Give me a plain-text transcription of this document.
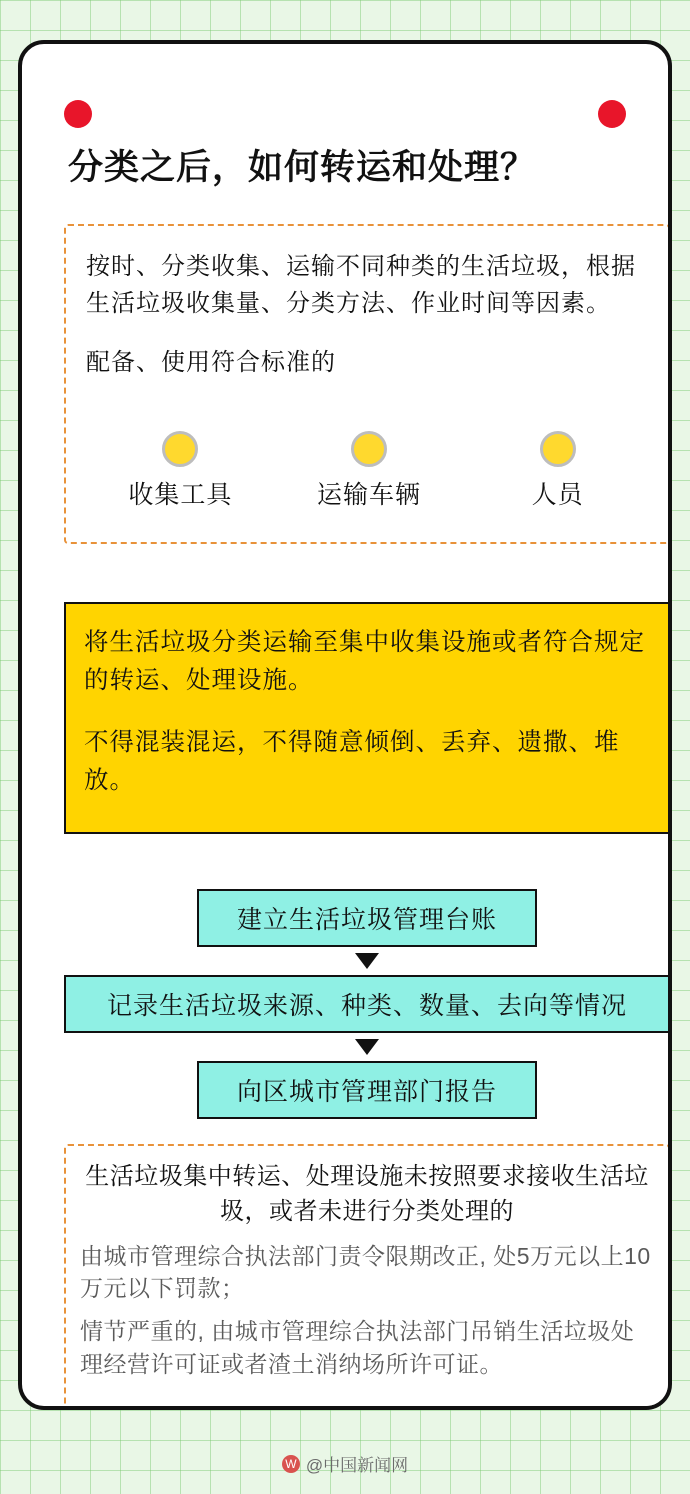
分类之后，如何转运和处理？
按时、分类收集、运输不同种类的生活垃圾，根据生活垃圾收集量、分类方法、作业时间等因素。
配备、使用符合标准的
收集工具	运输车辆	人员
将生活垃圾分类运输至集中收集设施或者符合规定的转运、处理设施。
不得混装混运，不得随意倾倒、丢弃、遗撒、堆放。
建立生活垃圾管理台账
记录生活垃圾来源、种类、数量、去向等情况
向区城市管理部门报告
生活垃圾集中转运、处理设施未按照要求接收生活垃圾，或者未进行分类处理的
由城市管理综合执法部门责令限期改正, 处5万元以上10万元以下罚款；
情节严重的, 由城市管理综合执法部门吊销生活垃圾处理经营许可证或者渣土消纳场所许可证。
W @中国新闻网
